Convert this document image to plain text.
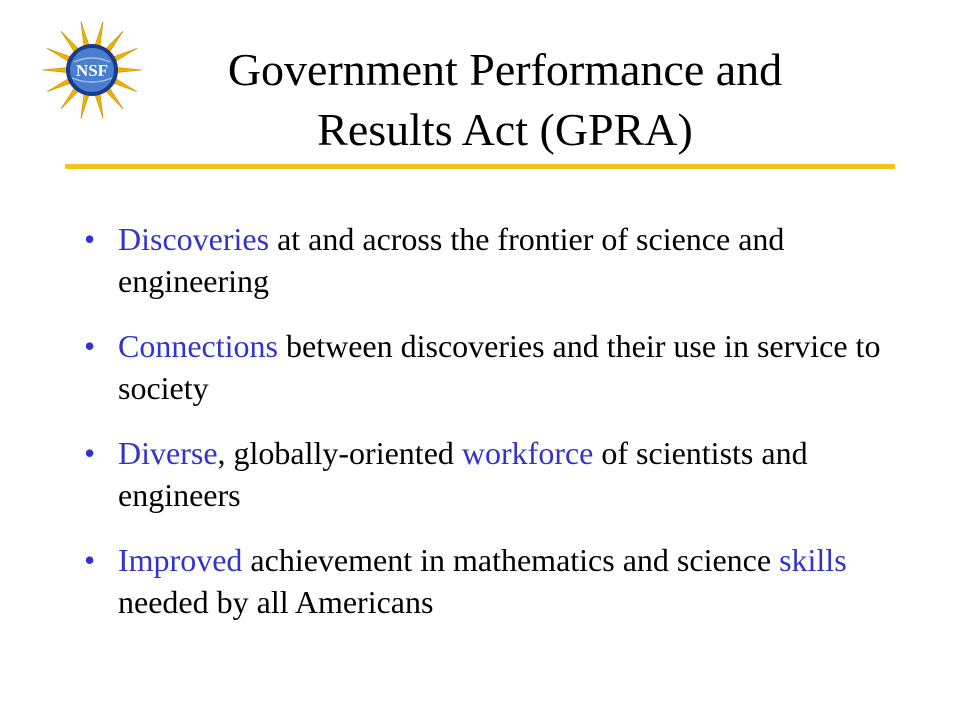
NSF	Government Performance and
Results Act (GPRA)
• Discoveries at and across the frontier of science and engineering
• Connections between discoveries and their use in service to society
• Diverse, globally-oriented workforce of scientists and engineers
• Improved achievement in mathematics and science skills needed by all Americans
